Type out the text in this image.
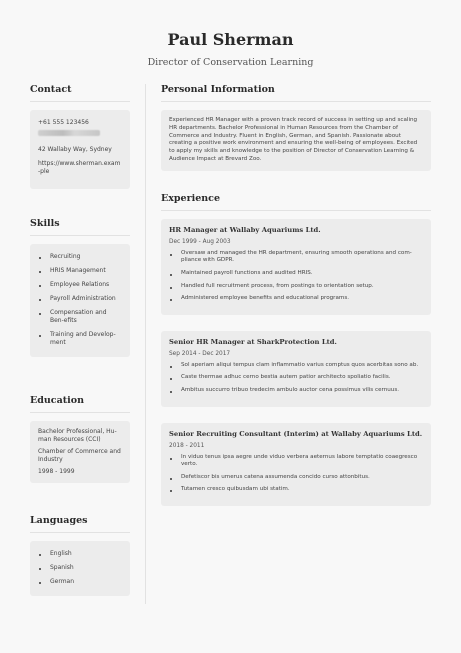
Paul Sherman
Director of Conservation Learning
Contact
+61 555 123456
42 Wallaby Way, Sydney
https://www.sherman.exam-ple
Skills
Recruiting
HRIS Management
Employee Relations
Payroll Administration
Compensation and Ben-efits
Training and Develop-ment
Education
Bachelor Professional, Hu-man Resources (CCI)
Chamber of Commerce and Industry
1998 - 1999
Languages
English
Spanish
German
Personal Information
Experienced HR Manager with a proven track record of success in setting up and scaling HR departments. Bachelor Professional in Human Resources from the Chamber of Commerce and Industry. Fluent in English, German, and Spanish. Passionate about creating a positive work environment and ensuring the well-being of employees. Excited to apply my skills and knowledge to the position of Director of Conservation Learning & Audience Impact at Brevard Zoo.
Experience
HR Manager at Wallaby Aquariums Ltd.
Dec 1999 - Aug 2003
Oversaw and managed the HR department, ensuring smooth operations and com-pliance with GDPR.
Maintained payroll functions and audited HRIS.
Handled full recruitment process, from postings to orientation setup.
Administered employee benefits and educational programs.
Senior HR Manager at SharkProtection Ltd.
Sep 2014 - Dec 2017
Sol aperiam aliqui tempus clam inflammatio varius comptus quos acerbitas sono ab.
Caste thermae adhuc cerno bestia autem patior architecto spoliatio facilis.
Ambitus succurro tribuo tredecim ambulo auctor cena possimus vilis cernuus.
Senior Recruiting Consultant (Interim) at Wallaby Aquariums Ltd.
2018 - 2011
In viduo tenus ipsa aegre unde viduo verbera aeternus labore temptatio coaegresco verto.
Defetiscor bis umerus catena assumenda concido curso attonbitus.
Tutamen cresco quibusdam ubi statim.
